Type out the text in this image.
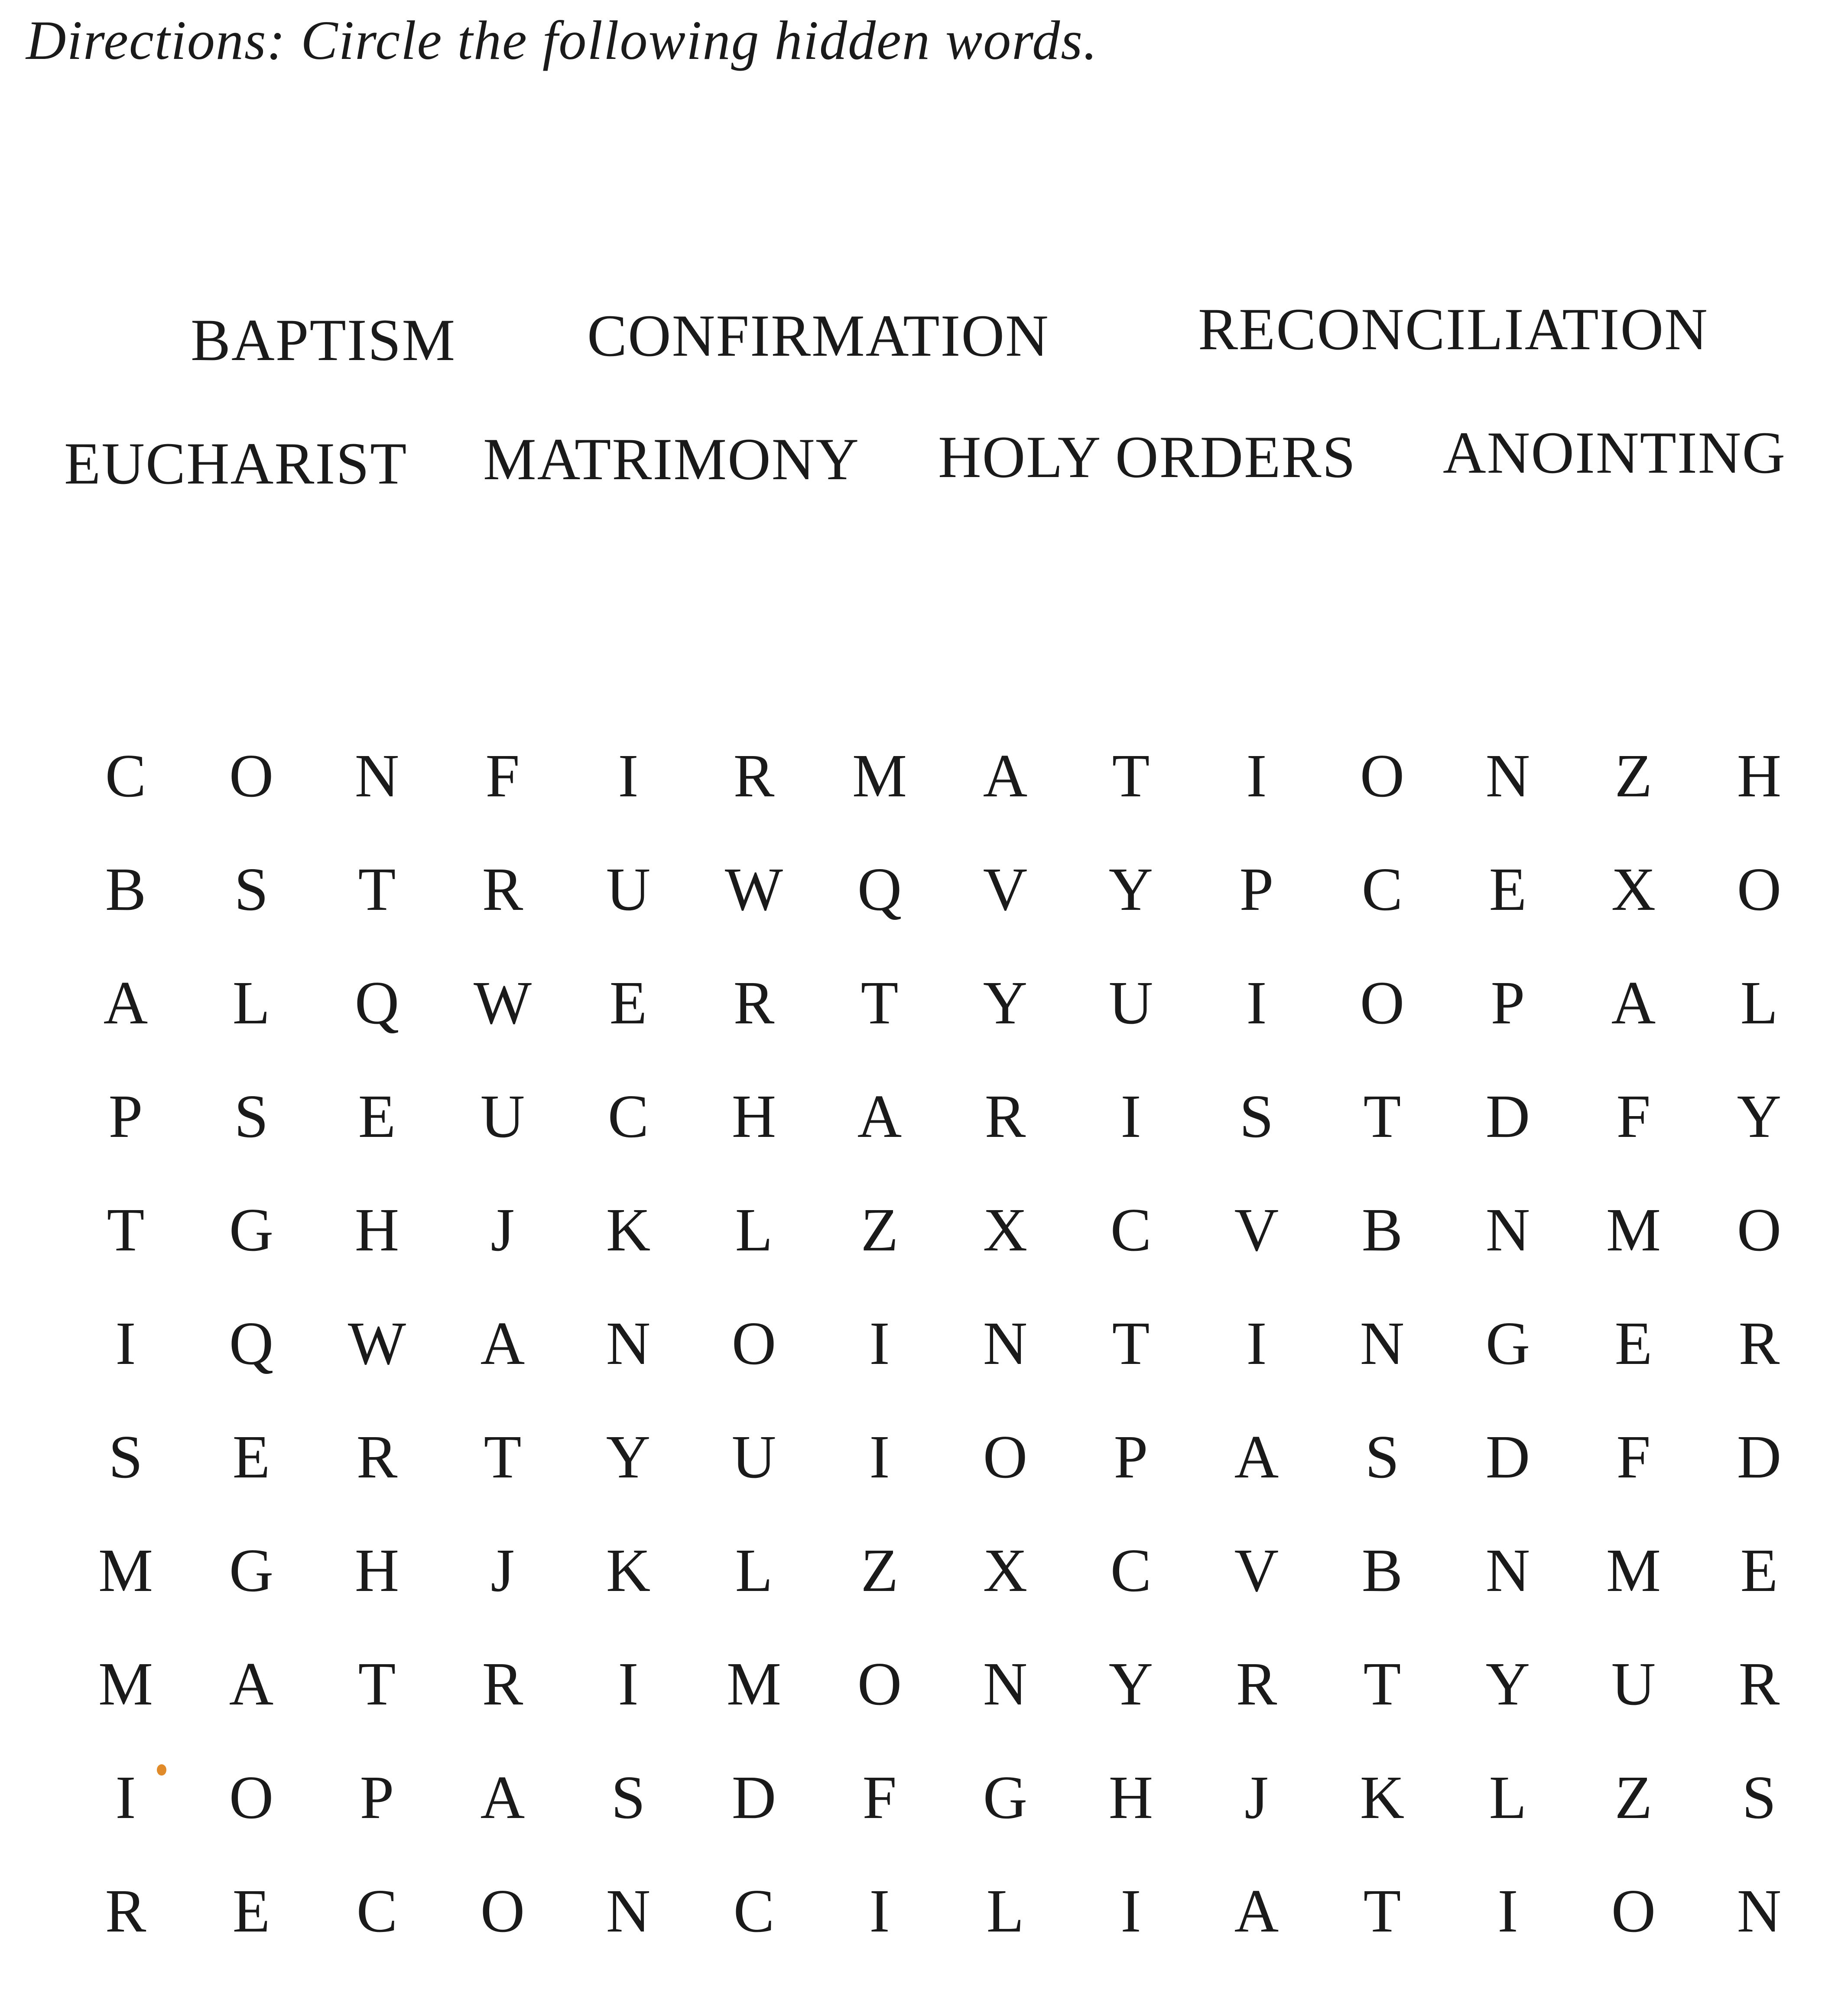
Directions: Circle the following hidden words.
BAPTISM CONFIRMATION RECONCILIATION
EUCHARIST MATRIMONY HOLY ORDERS ANOINTING
C	O	N	F	I	R	M	A	T	I	O	N	Z	H
B	S	T	R	U	W	Q	V	Y	P	C	E	X	O
A	L	Q	W	E	R	T	Y	U	I	O	P	A	L
P	S	E	U	C	H	A	R	I	S	T	D	F	Y
T	G	H	J	K	L	Z	X	C	V	B	N	M	O
I	Q	W	A	N	O	I	N	T	I	N	G	E	R
S	E	R	T	Y	U	I	O	P	A	S	D	F	D
M	G	H	J	K	L	Z	X	C	V	B	N	M	E
M	A	T	R	I	M	O	N	Y	R	T	Y	U	R
I	O	P	A	S	D	F	G	H	J	K	L	Z	S
R	E	C	O	N	C	I	L	I	A	T	I	O	N
